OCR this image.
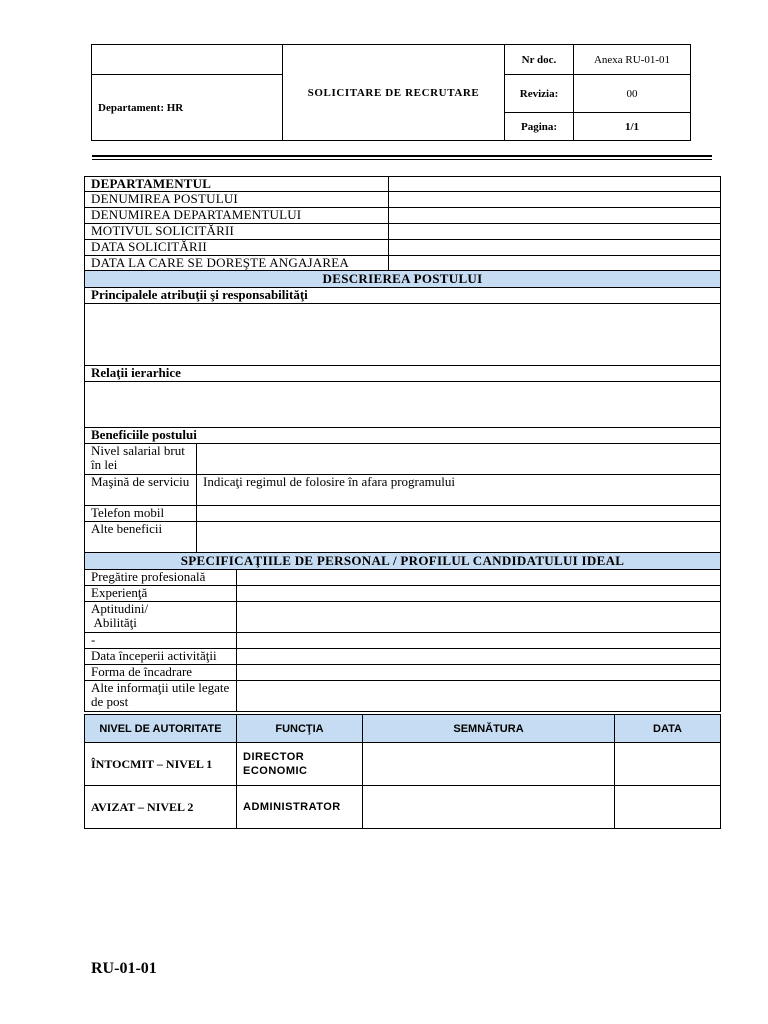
	SOLICITARE DE RECRUTARE	Nr doc.	Anexa RU-01-01
Departament: HR		Revizia:	00
		Pagina:	1/1
DEPARTAMENTUL			
DENUMIREA POSTULUI			
DENUMIREA DEPARTAMENTULUI			
MOTIVUL SOLICITĂRII			
DATA SOLICITĂRII			
DATA LA CARE SE DOREŞTE ANGAJAREA			
DESCRIEREA POSTULUI			
Principalele atribuţii şi responsabilităţi			

Relaţii ierarhice			

Beneficiile postului			
Nivel salarial brut în lei			
Maşină de serviciu	Indicaţi regimul de folosire în afara programului		
Telefon mobil			
Alte beneficii			
SPECIFICAŢIILE DE PERSONAL / PROFILUL CANDIDATULUI IDEAL			
Pregătire profesională			
Experienţă			
Aptitudini/
Abilităţi			
-			
Data începerii activităţii			
Forma de încadrare			
Alte informaţii utile legate de post			
NIVEL DE AUTORITATE	FUNCŢIA	SEMNĂTURA	DATA
ÎNTOCMIT – NIVEL 1	DIRECTOR ECONOMIC		
AVIZAT – NIVEL 2	ADMINISTRATOR		
RU-01-01
